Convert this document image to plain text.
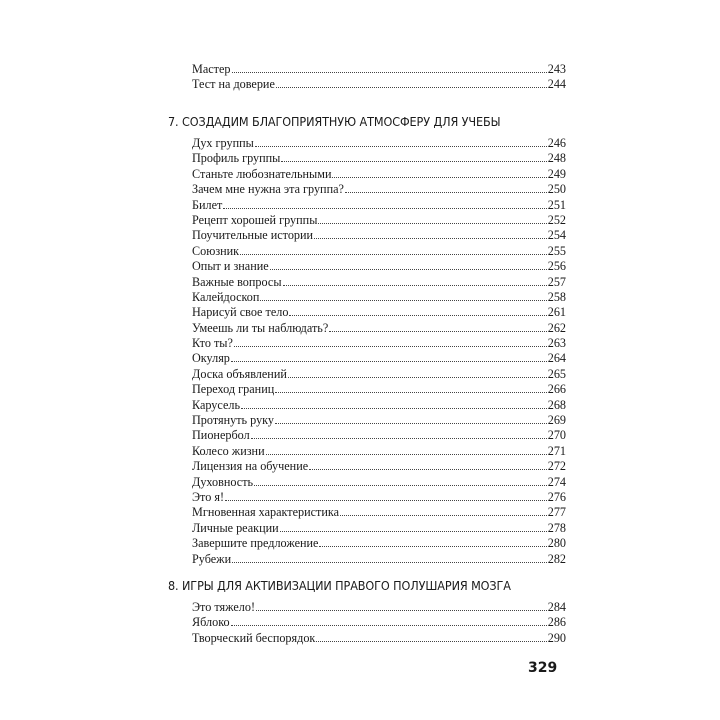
Мастер	243
Тест на доверие	244
7. СОЗДАДИМ БЛАГОПРИЯТНУЮ АТМОСФЕРУ ДЛЯ УЧЕБЫ
Дух группы	246
Профиль группы	248
Станьте любознательными	249
Зачем мне нужна эта группа?	250
Билет	251
Рецепт хорошей группы	252
Поучительные истории	254
Союзник	255
Опыт и знание	256
Важные вопросы	257
Калейдоскоп	258
Нарисуй свое тело	261
Умеешь ли ты наблюдать?	262
Кто ты?	263
Окуляр	264
Доска объявлений	265
Переход границ	266
Карусель	268
Протянуть руку	269
Пионербол	270
Колесо жизни	271
Лицензия на обучение	272
Духовность	274
Это я!	276
Мгновенная характеристика	277
Личные реакции	278
Завершите предложение	280
Рубежи	282
8. ИГРЫ ДЛЯ АКТИВИЗАЦИИ ПРАВОГО ПОЛУШАРИЯ МОЗГА
Это тяжело!	284
Яблоко	286
Творческий беспорядок	290
329
